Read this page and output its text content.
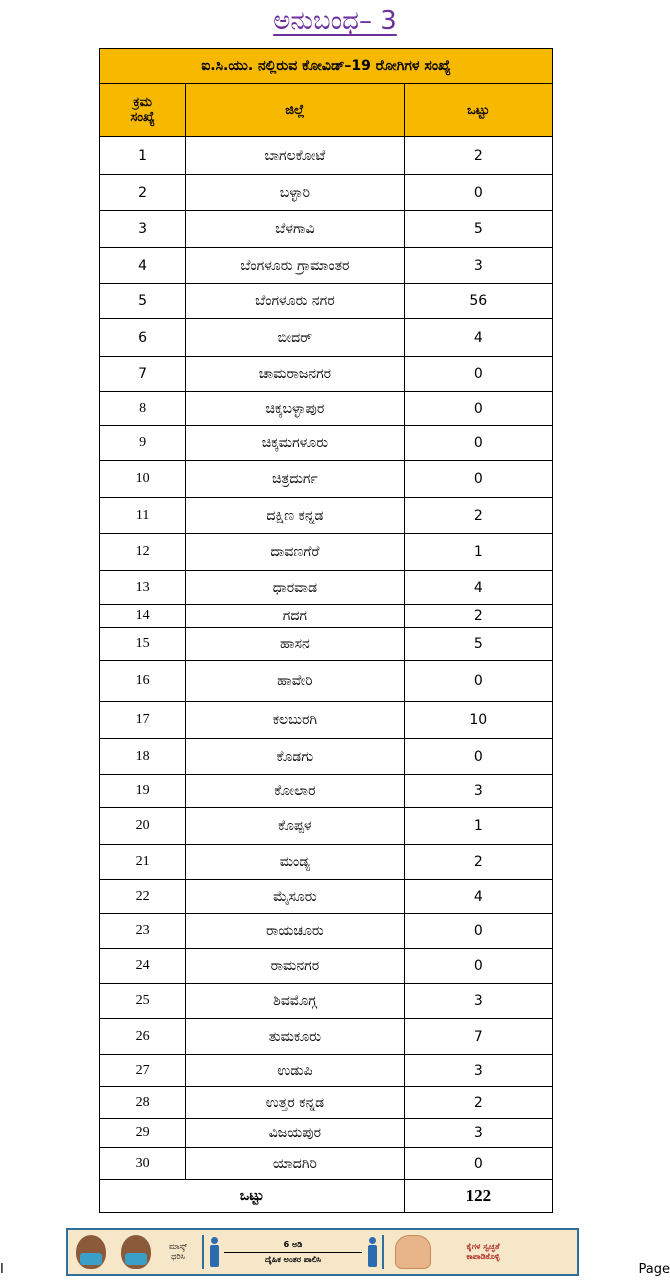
ಅನುಬಂಧ– 3
ಐ.ಸಿ.ಯು. ನಲ್ಲಿರುವ ಕೋವಿಡ್–19 ರೋಗಿಗಳ ಸಂಖ್ಯೆ		

ಕ್ರಮ
ಸಂಖ್ಯೆ	ಜಿಲ್ಲೆ	ಒಟ್ಟು
1	ಬಾಗಲಕೋಟೆ	2
2	ಬಳ್ಳಾರಿ	0
3	ಬೆಳಗಾವಿ	5
4	ಬೆಂಗಳೂರು ಗ್ರಾಮಾಂತರ	3
5	ಬೆಂಗಳೂರು ನಗರ	56
6	ಬೀದರ್	4
7	ಚಾಮರಾಜನಗರ	0
8	ಚಿಕ್ಕಬಳ್ಳಾಪುರ	0
9	ಚಿಕ್ಕಮಗಳೂರು	0
10	ಚಿತ್ರದುರ್ಗ	0
11	ದಕ್ಷಿಣ ಕನ್ನಡ	2
12	ದಾವಣಗೆರೆ	1
13	ಧಾರವಾಡ	4
14	ಗದಗ	2
15	ಹಾಸನ	5
16	ಹಾವೇರಿ	0
17	ಕಲಬುರಗಿ	10
18	ಕೊಡಗು	0
19	ಕೋಲಾರ	3
20	ಕೊಪ್ಪಳ	1
21	ಮಂಡ್ಯ	2
22	ಮೈಸೂರು	4
23	ರಾಯಚೂರು	0
24	ರಾಮನಗರ	0
25	ಶಿವಮೊಗ್ಗ	3
26	ತುಮಕೂರು	7
27	ಉಡುಪಿ	3
28	ಉತ್ತರ ಕನ್ನಡ	2
29	ವಿಜಯಪುರ	3
30	ಯಾದಗಿರಿ	0
ಒಟ್ಟು		122
ಮಾಸ್ಕ್
ಧರಿಸಿ
6 ಅಡಿ
ದೈಹಿಕ ಅಂತರ ಪಾಲಿಸಿ
ಕೈಗಳ ಸ್ವಚ್ಛತೆ
ಕಾಪಾಡಿಕೊಳ್ಳಿ
I	Page
